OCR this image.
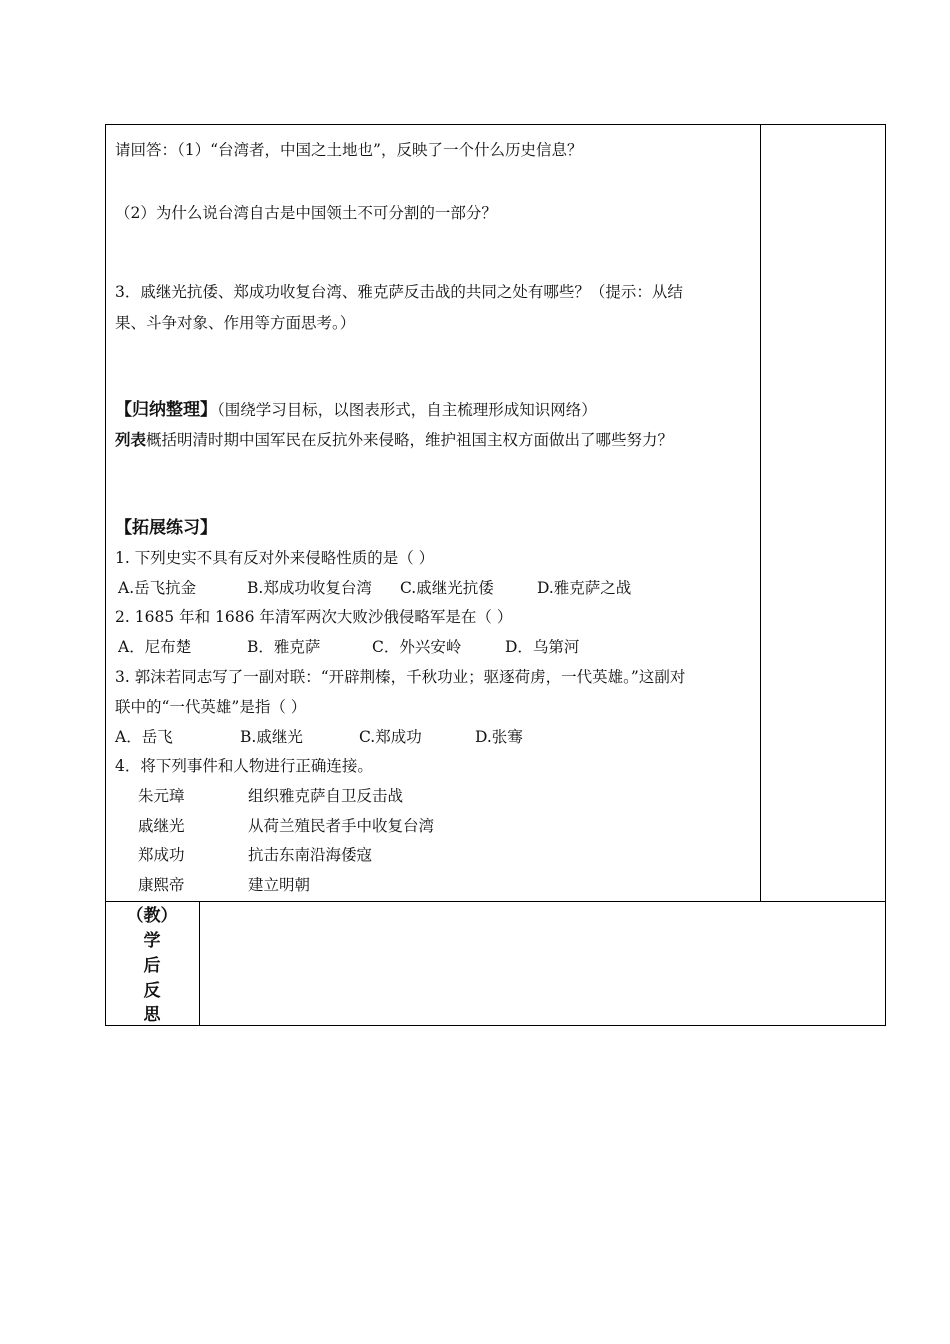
请回答：（1）“台湾者，中国之土地也”，反映了一个什么历史信息？
（2）为什么说台湾自古是中国领土不可分割的一部分？
3．戚继光抗倭、郑成功收复台湾、雅克萨反击战的共同之处有哪些？（提示：从结
果、斗争对象、作用等方面思考。）
【归纳整理】（围绕学习目标，以图表形式，自主梳理形成知识网络）
列表概括明清时期中国军民在反抗外来侵略，维护祖国主权方面做出了哪些努力？
【拓展练习】
1. 下列史实不具有反对外来侵略性质的是（ ）
A.岳飞抗金	B.郑成功收复台湾 C.戚继光抗倭	D.雅克萨之战
2. 1685 年和 1686 年清军两次大败沙俄侵略军是在（ ）
A．尼布楚	B．雅克萨	C．外兴安岭	D．乌第河
3. 郭沫若同志写了一副对联：“开辟荆榛，千秋功业；驱逐荷虏，一代英雄。”这副对
联中的“一代英雄”是指（ ）
A．岳飞	B.戚继光	C.郑成功	D.张骞
4．将下列事件和人物进行正确连接。
朱元璋	组织雅克萨自卫反击战
戚继光	从荷兰殖民者手中收复台湾
郑成功	抗击东南沿海倭寇
康熙帝	建立明朝
（教）
学
后
反
思
